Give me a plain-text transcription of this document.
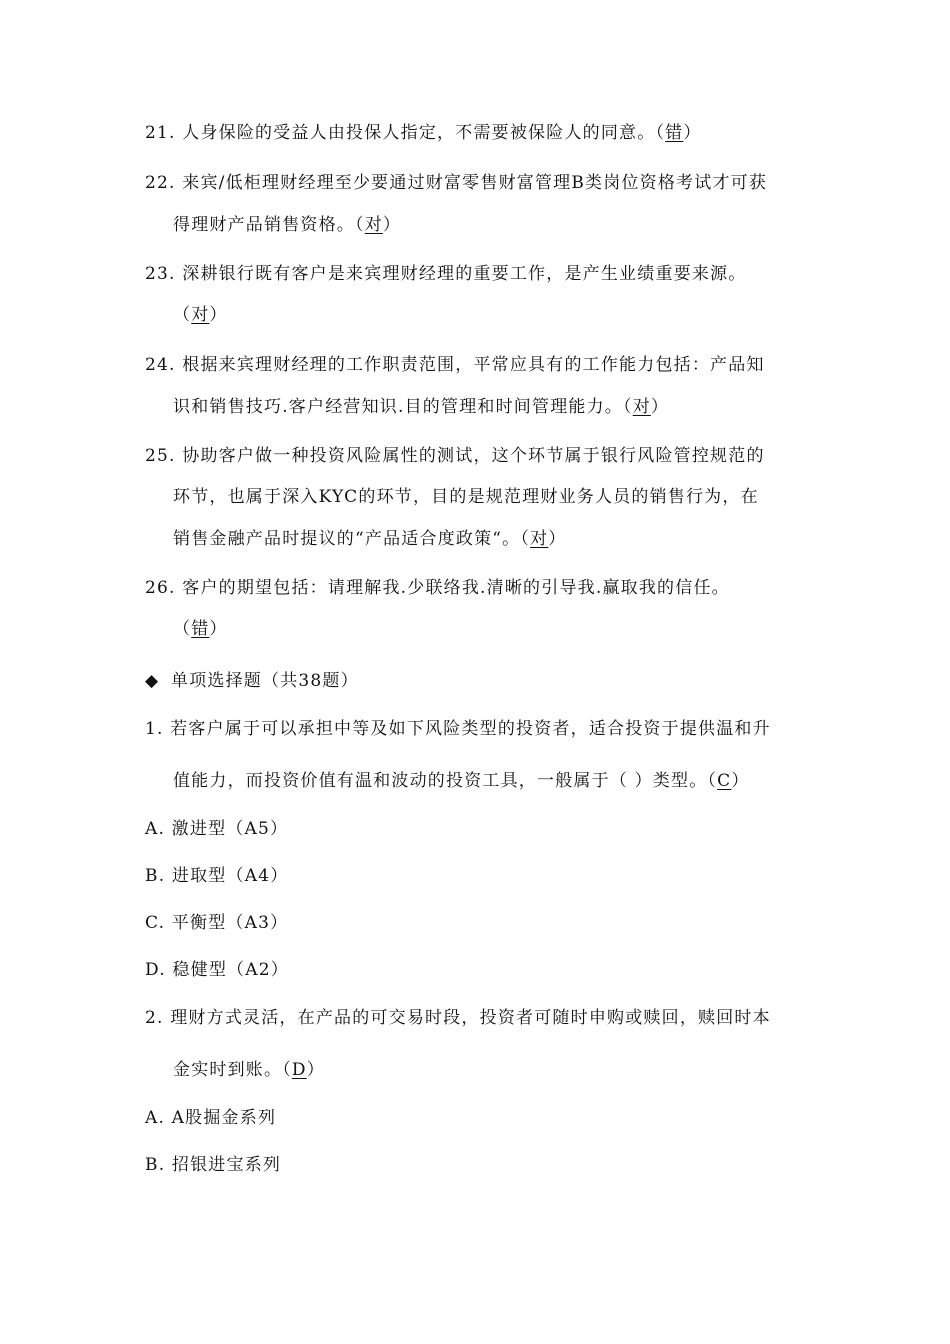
21. 人身保险的受益人由投保人指定，不需要被保险人的同意。（错）
22. 来宾/低柜理财经理至少要通过财富零售财富管理B类岗位资格考试才可获
得理财产品销售资格。（对）
23. 深耕银行既有客户是来宾理财经理的重要工作，是产生业绩重要来源。
（对）
24. 根据来宾理财经理的工作职责范围，平常应具有的工作能力包括：产品知
识和销售技巧.客户经营知识.目的管理和时间管理能力。（对）
25. 协助客户做一种投资风险属性的测试，这个环节属于银行风险管控规范的
环节，也属于深入KYC的环节，目的是规范理财业务人员的销售行为，在
销售金融产品时提议的“产品适合度政策“。（对）
26. 客户的期望包括：请理解我.少联络我.清晰的引导我.赢取我的信任。
（错）
◆ 单项选择题（共38题）
1. 若客户属于可以承担中等及如下风险类型的投资者，适合投资于提供温和升
值能力，而投资价值有温和波动的投资工具，一般属于（ ）类型。（C）
A. 激进型（A5）
B. 进取型（A4）
C. 平衡型（A3）
D. 稳健型（A2）
2. 理财方式灵活，在产品的可交易时段，投资者可随时申购或赎回，赎回时本
金实时到账。（D）
A. A股掘金系列
B. 招银进宝系列
